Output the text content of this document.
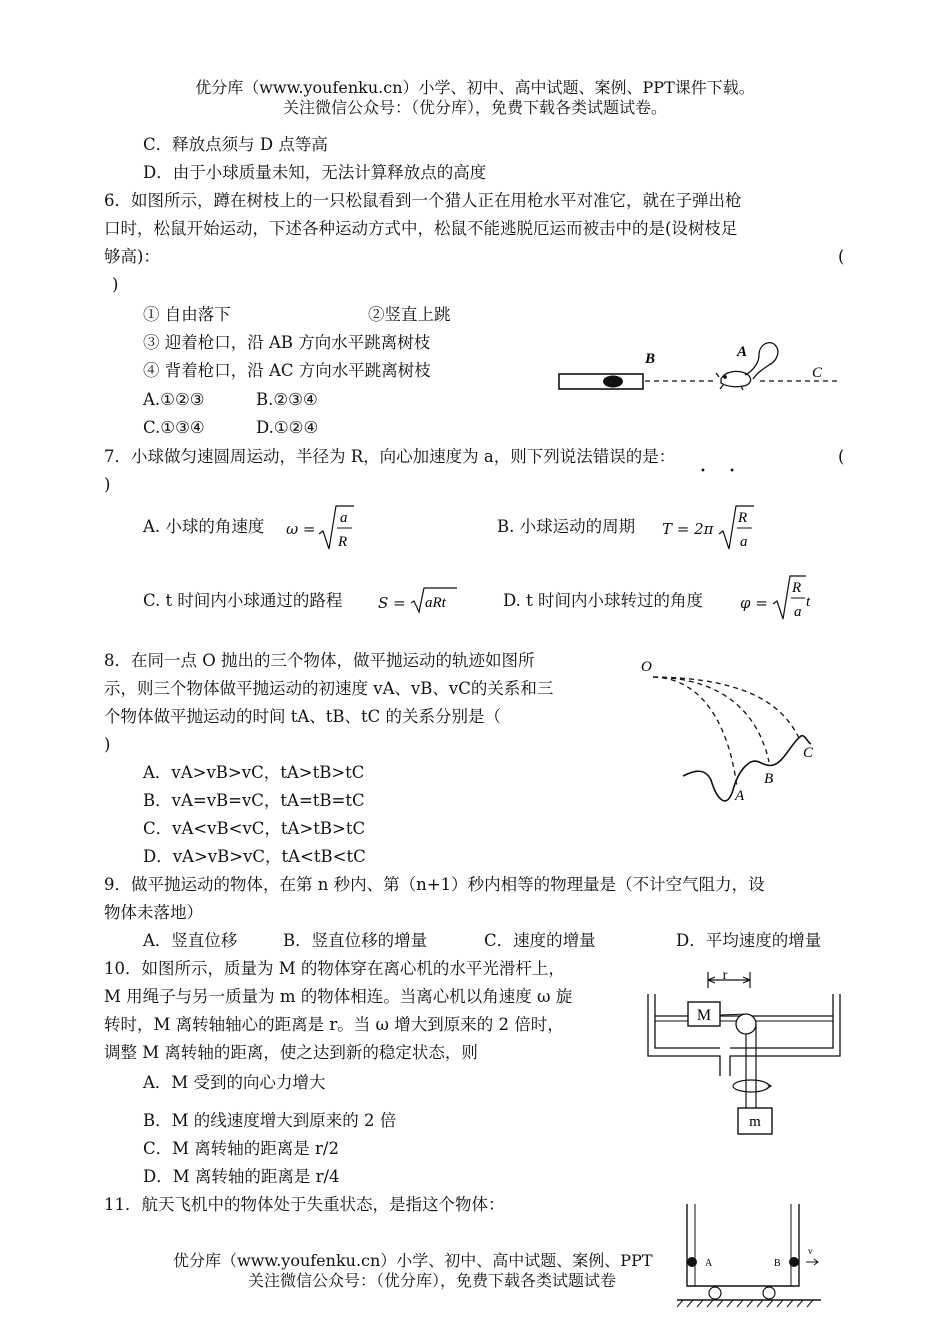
优分库（www.youfenku.cn）小学、初中、高中试题、案例、PPT课件下载。
关注微信公众号：（优分库），免费下载各类试题试卷。
C．释放点须与 D 点等高
D．由于小球质量未知，无法计算释放点的高度
6．如图所示，蹲在树枝上的一只松鼠看到一个猎人正在用枪水平对准它，就在子弹出枪
口时，松鼠开始运动，下述各种运动方式中，松鼠不能逃脱厄运而被击中的是(设树枝足
够高)：	(
)
① 自由落下	②竖直上跳
③ 迎着枪口，沿 AB 方向水平跳离树枝
④ 背着枪口，沿 AC 方向水平跳离树枝
A.①②③	B.②③④
C.①③④	D.①②④
B	A
C
7．小球做匀速圆周运动，半径为 R，向心加速度为 a，则下列说法错误的是：
• •
(
)
A. 小球的角速度 ω =
a
R
B. 小球运动的周期 T = 2π
R
a
C. t 时间内小球通过的路程 S = aRt	D. t 时间内小球转过的角度 φ =
R
a
t
8．在同一点 O 抛出的三个物体，做平抛运动的轨迹如图所
示，则三个物体做平抛运动的初速度 vA、vB、vC的关系和三
个物体做平抛运动的时间 tA、tB、tC 的关系分别是（
)
A．vA>vB>vC，tA>tB>tC
B．vA=vB=vC，tA=tB=tC
C．vA<vB<vC，tA>tB>tC
D．vA>vB>vC，tA<tB<tC
O
A
B
C
9．做平抛运动的物体，在第 n 秒内、第（n+1）秒内相等的物理量是（不计空气阻力，设
物体未落地）
A．竖直位移	B．竖直位移的增量	C．速度的增量	D．平均速度的增量
10．如图所示，质量为 M 的物体穿在离心机的水平光滑杆上，
M 用绳子与另一质量为 m 的物体相连。当离心机以角速度 ω 旋
转时，M 离转轴轴心的距离是 r。当 ω 增大到原来的 2 倍时，
调整 M 离转轴的距离，使之达到新的稳定状态，则
A．M 受到的向心力增大
B．M 的线速度增大到原来的 2 倍
C．M 离转轴的距离是 r/2
D．M 离转轴的距离是 r/4
r
M
m
11．航天飞机中的物体处于失重状态，是指这个物体：
A	B
v
优分库（www.youfenku.cn）小学、初中、高中试题、案例、PPT
关注微信公众号：（优分库），免费下载各类试题试卷
